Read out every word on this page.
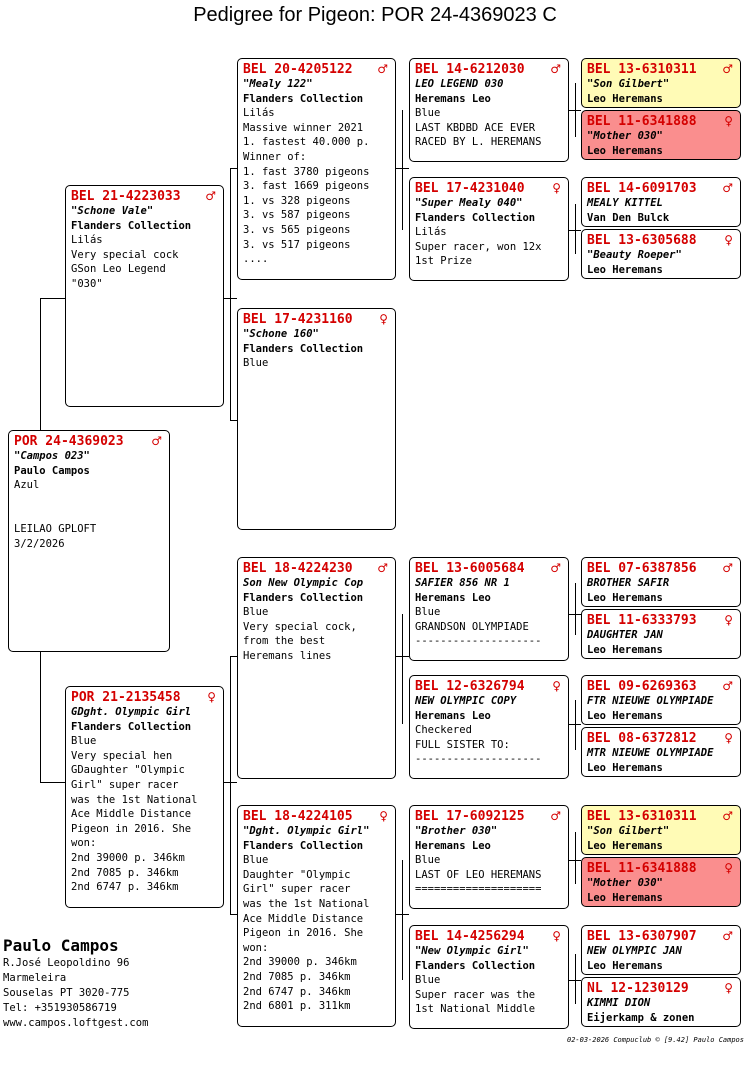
Pedigree for Pigeon: POR 24-4369023 C
POR 24-4369023	♂
"Campos 023"
Paulo Campos
Azul

LEILAO GPLOFT
3/2/2026
BEL 21-4223033	♂
"Schone Vale"
Flanders Collection
Lilás
Very special cock
GSon Leo Legend
"030"
POR 21-2135458	♀
GDght. Olympic Girl
Flanders Collection
Blue
Very special hen
GDaughter "Olympic
Girl" super racer
was the 1st National
Ace Middle Distance
Pigeon in 2016. She
won:
2nd 39000 p. 346km
2nd 7085 p. 346km
2nd 6747 p. 346km
BEL 20-4205122	♂
"Mealy 122"
Flanders Collection
Lilás
Massive winner 2021
1. fastest 40.000 p.
Winner of:
1. fast 3780 pigeons
3. fast 1669 pigeons
1. vs 328 pigeons
3. vs 587 pigeons
3. vs 565 pigeons
3. vs 517 pigeons
....
BEL 17-4231160	♀
"Schone 160"
Flanders Collection
Blue
BEL 18-4224230	♂
Son New Olympic Cop
Flanders Collection
Blue
Very special cock,
from the best
Heremans lines
BEL 18-4224105	♀
"Dght. Olympic Girl"
Flanders Collection
Blue
Daughter "Olympic
Girl" super racer
was the 1st National
Ace Middle Distance
Pigeon in 2016. She
won:
2nd 39000 p. 346km
2nd 7085 p. 346km
2nd 6747 p. 346km
2nd 6801 p. 311km
BEL 14-6212030	♂
LEO LEGEND 030
Heremans Leo
Blue
LAST KBDBD ACE EVER
RACED BY L. HEREMANS
BEL 17-4231040	♀
"Super Mealy 040"
Flanders Collection
Lilás
Super racer, won 12x
1st Prize
BEL 13-6005684	♂
SAFIER 856 NR 1
Heremans Leo
Blue
GRANDSON OLYMPIADE
--------------------
BEL 12-6326794	♀
NEW OLYMPIC COPY
Heremans Leo
Checkered
FULL SISTER TO:
--------------------
BEL 17-6092125	♂
"Brother 030"
Heremans Leo
Blue
LAST OF LEO HEREMANS
====================
BEL 14-4256294	♀
"New Olympic Girl"
Flanders Collection
Blue
Super racer was the
1st National Middle
BEL 13-6310311	♂
"Son Gilbert"
Leo Heremans
BEL 11-6341888	♀
"Mother 030"
Leo Heremans
BEL 14-6091703	♂
MEALY KITTEL
Van Den Bulck
BEL 13-6305688	♀
"Beauty Roeper"
Leo Heremans
BEL 07-6387856	♂
BROTHER SAFIR
Leo Heremans
BEL 11-6333793	♀
DAUGHTER JAN
Leo Heremans
BEL 09-6269363	♂
FTR NIEUWE OLYMPIADE
Leo Heremans
BEL 08-6372812	♀
MTR NIEUWE OLYMPIADE
Leo Heremans
BEL 13-6310311	♂
"Son Gilbert"
Leo Heremans
BEL 11-6341888	♀
"Mother 030"
Leo Heremans
BEL 13-6307907	♂
NEW OLYMPIC JAN
Leo Heremans
NL 12-1230129	♀
KIMMI DION
Eijerkamp & zonen
Paulo Campos
R.José Leopoldino 96
Marmeleira
Souselas PT 3020-775
Tel: +351930586719
www.campos.loftgest.com
02-03-2026 Compuclub © [9.42] Paulo Campos
